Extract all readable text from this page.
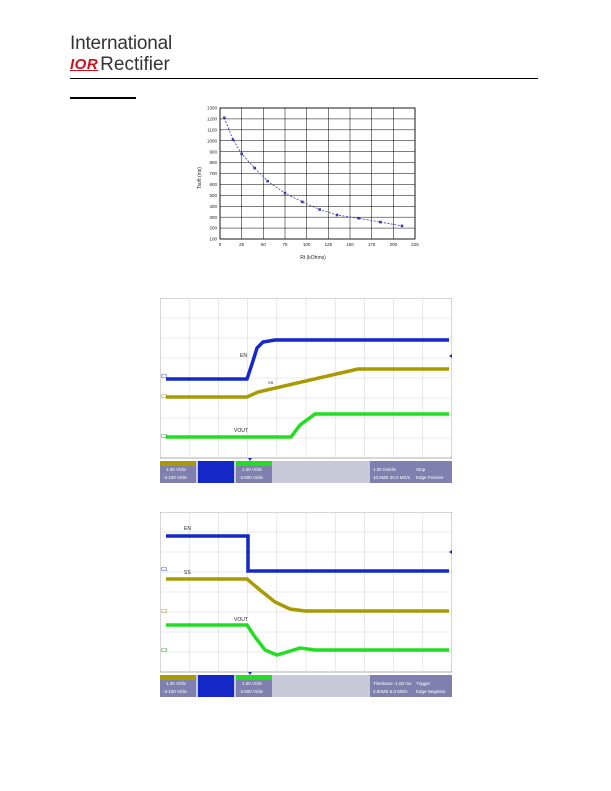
International
IOR Rectifier
100
200
300
400
500
600
700
800
900
1000
1100
1200
1300
0	25	50	75	100	125	150	175	200	225
Tsoft (ms)
Rt (kOhms)
C1
C2
C3
EN
SS
VOUT
1.00 V/div
-3.100 V/div
1.00 V/div
-3.600 V/div
1.00 ms/div
10.0MS 20.0 MS/s
Stop
Edge Positive
C1
C2
C3
EN
SS
VOUT
1.00 V/div
-3.100 V/div
1.00 V/div
-3.600 V/div
Timebase -1.60 ms
2.50MS 5.0 MS/s
Trigger
Edge Negative
